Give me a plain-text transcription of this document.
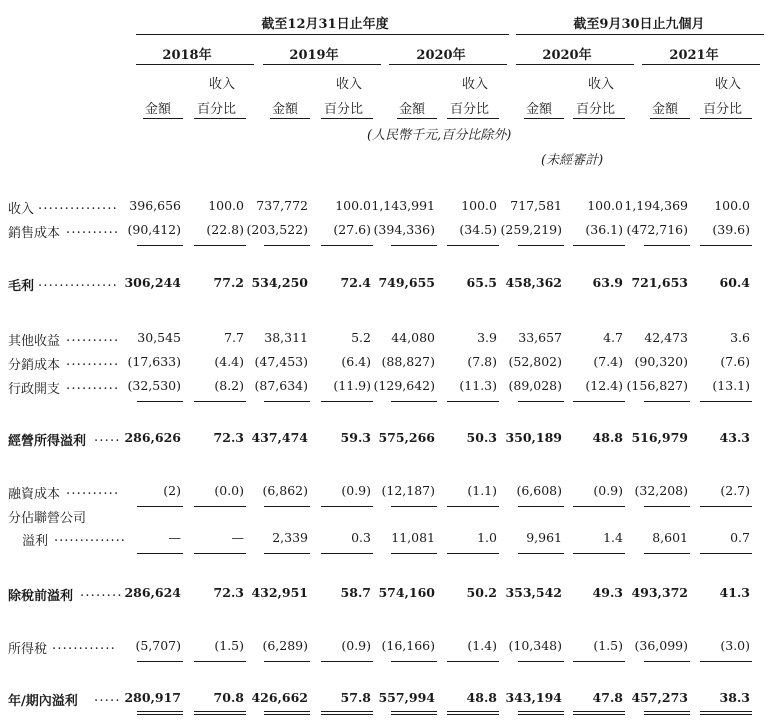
截至12月31日止年度	截至9月30日止九個月
2018年	2019年	2020年	2020年	2021年
收入
金額 百分比
收入
金額 百分比
收入
金額 百分比
收入
金額 百分比
收入
金額 百分比
(人民幣千元,百分比除外)
(未經審計)
收入 ............... 396,656	100.0 737,772	100.0 1,143,991	100.0	717,581	100.0 1,194,369	100.0
銷售成本 .......... (90,412)	(22.8) (203,522)	(27.6) (394,336)	(34.5) (259,219)	(36.1) (472,716)	(39.6)
毛利 ............... 306,244	77.2 534,250	72.4 749,655	65.5 458,362	63.9 721,653	60.4
其他收益 ..........	30,545	7.7	38,311	5.2	44,080	3.9	33,657	4.7	42,473	3.6
分銷成本 .......... (17,633)	(4.4) (47,453)	(6.4) (88,827)	(7.8) (52,802)	(7.4) (90,320)	(7.6)
行政開支 .......... (32,530)	(8.2) (87,634)	(11.9) (129,642)	(11.3) (89,028)	(12.4) (156,827)	(13.1)
經營所得溢利 ..... 286,626	72.3 437,474	59.3 575,266	50.3 350,189	48.8 516,979	43.3
融資成本 ..........	(2)	(0.0)	(6,862)	(0.9) (12,187)	(1.1)	(6,608)	(0.9) (32,208)	(2.7)
分佔聯營公司
溢利 ..............	—	—	2,339	0.3	11,081	1.0	9,961	1.4	8,601	0.7
除稅前溢利 ........ 286,624	72.3 432,951	58.7 574,160	50.2 353,542	49.3 493,372	41.3
所得稅 ............	(5,707)	(1.5)	(6,289)	(0.9) (16,166)	(1.4) (10,348)	(1.5) (36,099)	(3.0)
年/期內溢利 ..... 280,917	70.8 426,662	57.8 557,994	48.8 343,194	47.8 457,273	38.3
